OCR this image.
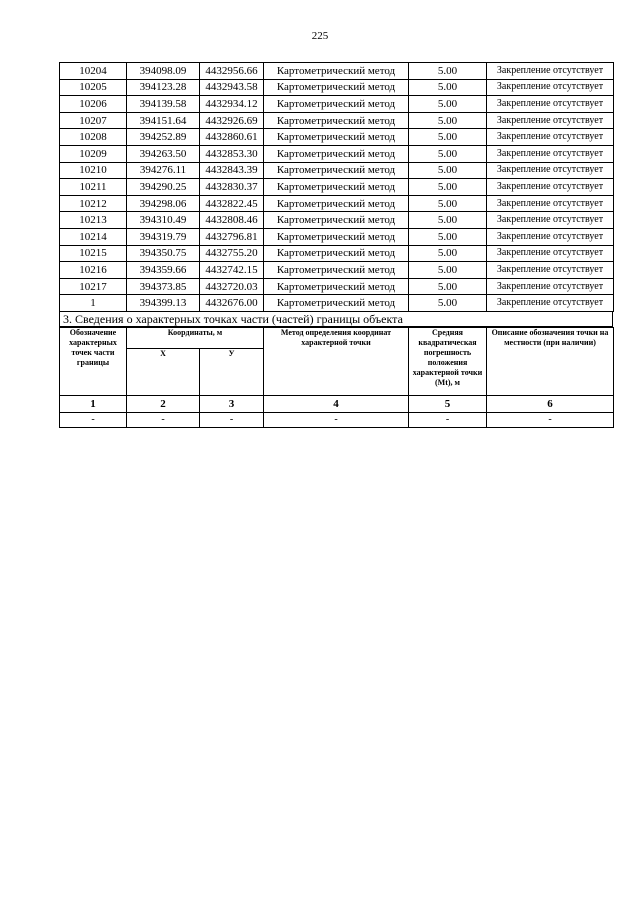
225
10204	394098.09	4432956.66	Картометрический метод	5.00	Закрепление отсутствует
10205	394123.28	4432943.58	Картометрический метод	5.00	Закрепление отсутствует
10206	394139.58	4432934.12	Картометрический метод	5.00	Закрепление отсутствует
10207	394151.64	4432926.69	Картометрический метод	5.00	Закрепление отсутствует
10208	394252.89	4432860.61	Картометрический метод	5.00	Закрепление отсутствует
10209	394263.50	4432853.30	Картометрический метод	5.00	Закрепление отсутствует
10210	394276.11	4432843.39	Картометрический метод	5.00	Закрепление отсутствует
10211	394290.25	4432830.37	Картометрический метод	5.00	Закрепление отсутствует
10212	394298.06	4432822.45	Картометрический метод	5.00	Закрепление отсутствует
10213	394310.49	4432808.46	Картометрический метод	5.00	Закрепление отсутствует
10214	394319.79	4432796.81	Картометрический метод	5.00	Закрепление отсутствует
10215	394350.75	4432755.20	Картометрический метод	5.00	Закрепление отсутствует
10216	394359.66	4432742.15	Картометрический метод	5.00	Закрепление отсутствует
10217	394373.85	4432720.03	Картометрический метод	5.00	Закрепление отсутствует
1	394399.13	4432676.00	Картометрический метод	5.00	Закрепление отсутствует
3. Сведения о характерных точках части (частей) границы объекта
Обозначение характерных точек части границы	Координаты, м		Метод определения координат характерной точки	Средняя квадратическая погрешность положения характерной точки (Mt), м	Описание обозначения точки на местности (при наличии)
	X	У			
1	2	3	4	5	6
-	-	-	-	-	-
